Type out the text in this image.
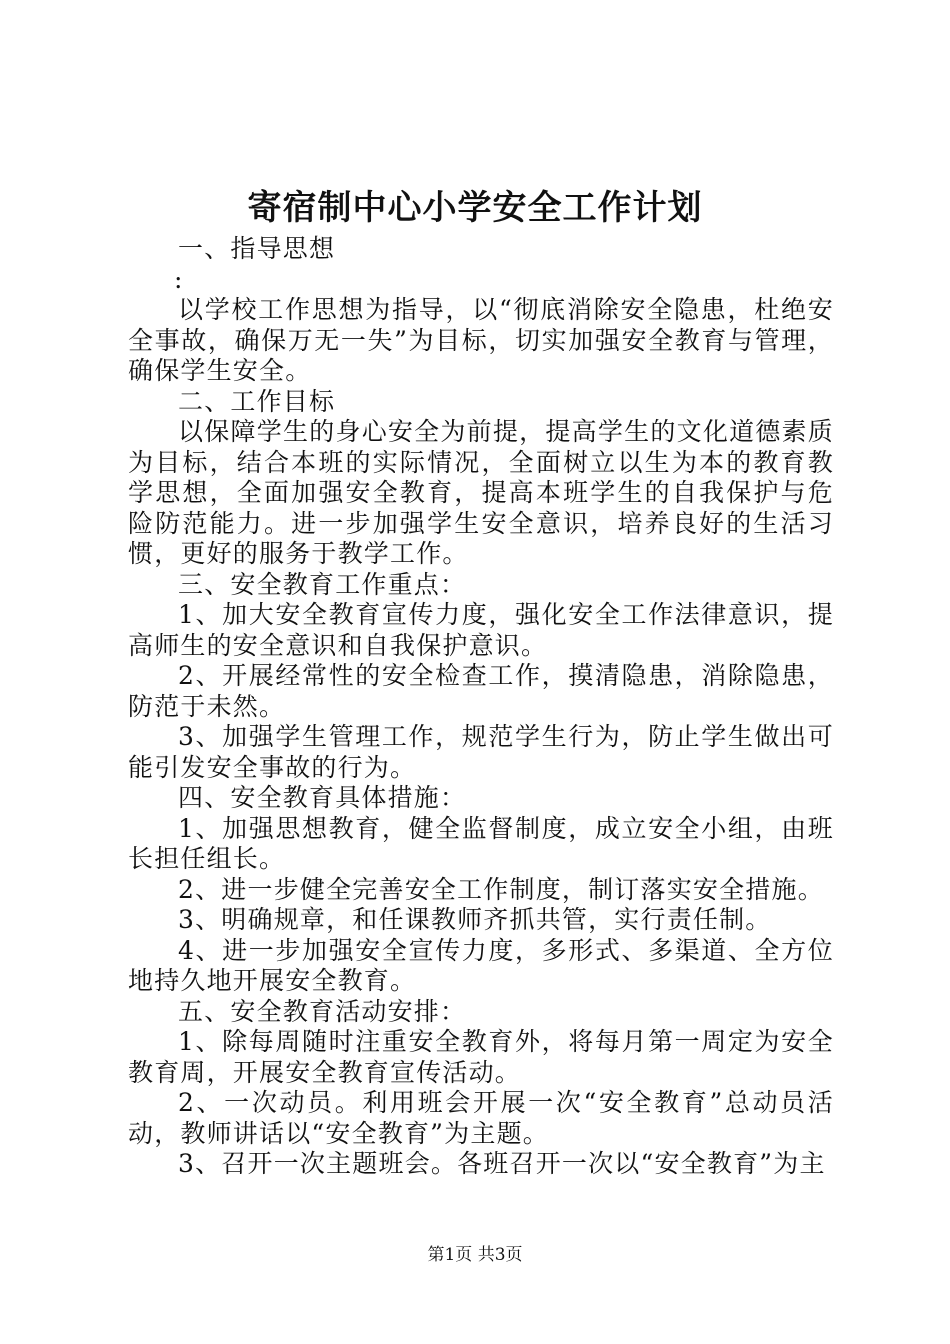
寄宿制中心小学安全工作计划

一、指导思想

:

以学校工作思想为指导，以“彻底消除安全隐患，杜绝安全事故，确保万无一失”为目标，切实加强安全教育与管理，确保学生安全。

二、工作目标

以保障学生的身心安全为前提，提高学生的文化道德素质为目标，结合本班的实际情况，全面树立以生为本的教育教学思想，全面加强安全教育，提高本班学生的自我保护与危险防范能力。进一步加强学生安全意识，培养良好的生活习惯，更好的服务于教学工作。

三、安全教育工作重点：

1、加大安全教育宣传力度，强化安全工作法律意识，提高师生的安全意识和自我保护意识。

2、开展经常性的安全检查工作，摸清隐患，消除隐患，防范于未然。

3、加强学生管理工作，规范学生行为，防止学生做出可能引发安全事故的行为。

四、安全教育具体措施：

1、加强思想教育，健全监督制度，成立安全小组，由班长担任组长。

2、进一步健全完善安全工作制度，制订落实安全措施。

3、明确规章，和任课教师齐抓共管，实行责任制。

4、进一步加强安全宣传力度，多形式、多渠道、全方位地持久地开展安全教育。

五、安全教育活动安排：

1、除每周随时注重安全教育外，将每月第一周定为安全教育周，开展安全教育宣传活动。

2、一次动员。利用班会开展一次“安全教育”总动员活动，教师讲话以“安全教育”为主题。

3、召开一次主题班会。各班召开一次以“安全教育”为主

第1页 共3页
